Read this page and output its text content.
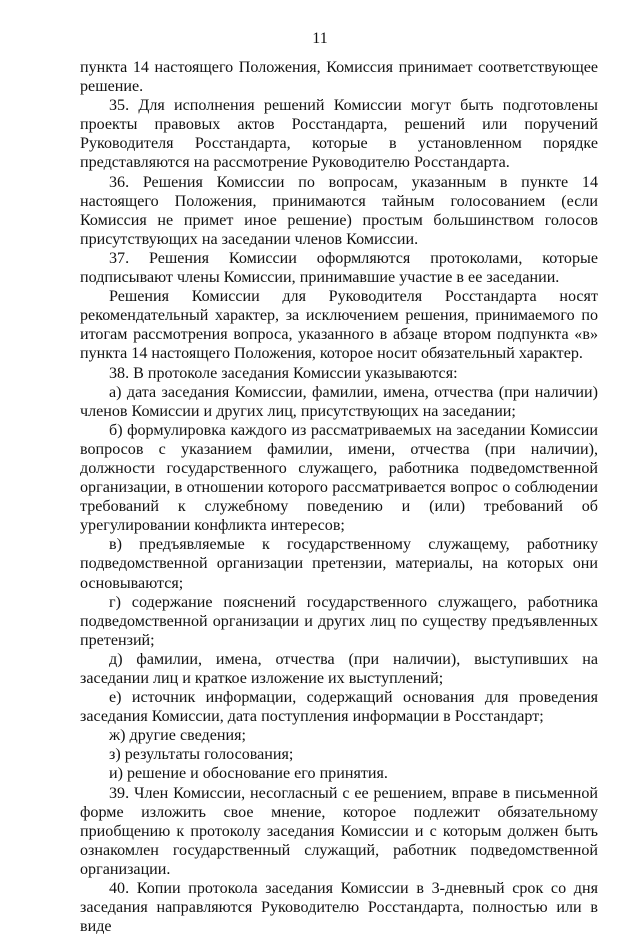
11

пункта 14 настоящего Положения, Комиссия принимает соответствующее решение.

35. Для исполнения решений Комиссии могут быть подготовлены проекты правовых актов Росстандарта, решений или поручений Руководителя Росстандарта, которые в установленном порядке представляются на рассмотрение Руководителю Росстандарта.

36. Решения Комиссии по вопросам, указанным в пункте 14 настоящего Положения, принимаются тайным голосованием (если Комиссия не примет иное решение) простым большинством голосов присутствующих на заседании членов Комиссии.

37. Решения Комиссии оформляются протоколами, которые подписывают члены Комиссии, принимавшие участие в ее заседании.

Решения Комиссии для Руководителя Росстандарта носят рекомендательный характер, за исключением решения, принимаемого по итогам рассмотрения вопроса, указанного в абзаце втором подпункта «в» пункта 14 настоящего Положения, которое носит обязательный характер.

38. В протоколе заседания Комиссии указываются:

а) дата заседания Комиссии, фамилии, имена, отчества (при наличии) членов Комиссии и других лиц, присутствующих на заседании;

б) формулировка каждого из рассматриваемых на заседании Комиссии вопросов с указанием фамилии, имени, отчества (при наличии), должности государственного служащего, работника подведомственной организации, в отношении которого рассматривается вопрос о соблюдении требований к служебному поведению и (или) требований об урегулировании конфликта интересов;

в) предъявляемые к государственному служащему, работнику подведомственной организации претензии, материалы, на которых они основываются;

г) содержание пояснений государственного служащего, работника подведомственной организации и других лиц по существу предъявленных претензий;

д) фамилии, имена, отчества (при наличии), выступивших на заседании лиц и краткое изложение их выступлений;

е) источник информации, содержащий основания для проведения заседания Комиссии, дата поступления информации в Росстандарт;

ж) другие сведения;

з) результаты голосования;

и) решение и обоснование его принятия.

39. Член Комиссии, несогласный с ее решением, вправе в письменной форме изложить свое мнение, которое подлежит обязательному приобщению к протоколу заседания Комиссии и с которым должен быть ознакомлен государственный служащий, работник подведомственной организации.

40. Копии протокола заседания Комиссии в 3-дневный срок со дня заседания направляются Руководителю Росстандарта, полностью или в виде
